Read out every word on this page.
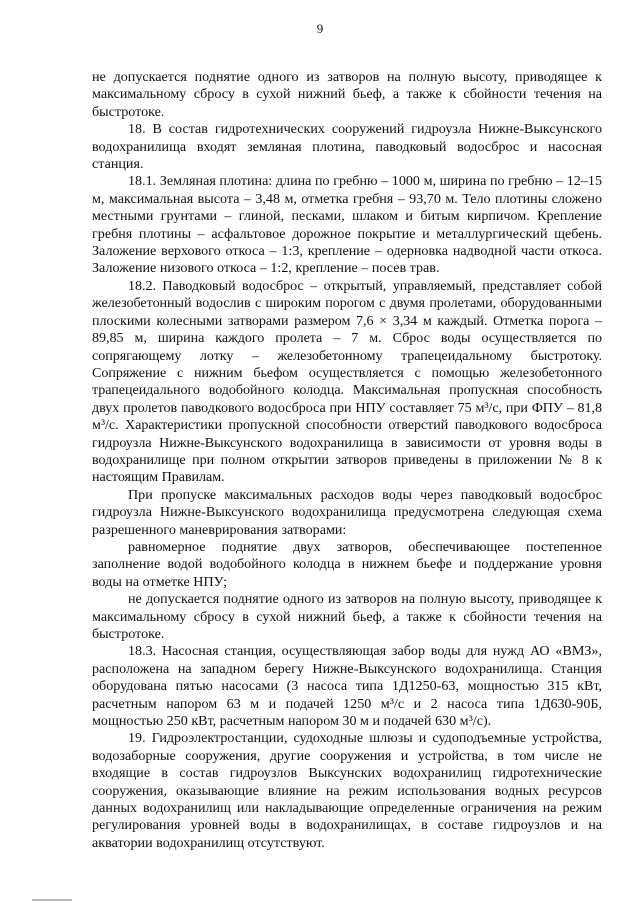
9

не допускается поднятие одного из затворов на полную высоту, приводящее к максимальному сбросу в сухой нижний бьеф, а также к сбойности течения на быстротоке.

18. В состав гидротехнических сооружений гидроузла Нижне-Выксунского водохранилища входят земляная плотина, паводковый водосброс и насосная станция.

18.1. Земляная плотина: длина по гребню – 1000 м, ширина по гребню – 12–15 м, максимальная высота – 3,48 м, отметка гребня – 93,70 м. Тело плотины сложено местными грунтами – глиной, песками, шлаком и битым кирпичом. Крепление гребня плотины – асфальтовое дорожное покрытие и металлургический щебень. Заложение верхового откоса – 1:3, крепление – одерновка надводной части откоса. Заложение низового откоса – 1:2, крепление – посев трав.

18.2. Паводковый водосброс – открытый, управляемый, представляет собой железобетонный водослив с широким порогом с двумя пролетами, оборудованными плоскими колесными затворами размером 7,6 × 3,34 м каждый. Отметка порога – 89,85 м, ширина каждого пролета – 7 м. Сброс воды осуществляется по сопрягающему лотку – железобетонному трапецеидальному быстротоку. Сопряжение с нижним бьефом осуществляется с помощью железобетонного трапецеидального водобойного колодца. Максимальная пропускная способность двух пролетов паводкового водосброса при НПУ составляет 75 м³/с, при ФПУ – 81,8 м³/с. Характеристики пропускной способности отверстий паводкового водосброса гидроузла Нижне-Выксунского водохранилища в зависимости от уровня воды в водохранилище при полном открытии затворов приведены в приложении № 8 к настоящим Правилам.

При пропуске максимальных расходов воды через паводковый водосброс гидроузла Нижне-Выксунского водохранилища предусмотрена следующая схема разрешенного маневрирования затворами:

равномерное поднятие двух затворов, обеспечивающее постепенное заполнение водой водобойного колодца в нижнем бьефе и поддержание уровня воды на отметке НПУ;

не допускается поднятие одного из затворов на полную высоту, приводящее к максимальному сбросу в сухой нижний бьеф, а также к сбойности течения на быстротоке.

18.3. Насосная станция, осуществляющая забор воды для нужд АО «ВМЗ», расположена на западном берегу Нижне-Выксунского водохранилища. Станция оборудована пятью насосами (3 насоса типа 1Д1250-63, мощностью 315 кВт, расчетным напором 63 м и подачей 1250 м³/с и 2 насоса типа 1Д630-90Б, мощностью 250 кВт, расчетным напором 30 м и подачей 630 м³/с).

19. Гидроэлектростанции, судоходные шлюзы и судоподъемные устройства, водозаборные сооружения, другие сооружения и устройства, в том числе не входящие в состав гидроузлов Выксунских водохранилищ гидротехнические сооружения, оказывающие влияние на режим использования водных ресурсов данных водохранилищ или накладывающие определенные ограничения на режим регулирования уровней воды в водохранилищах, в составе гидроузлов и на акватории водохранилищ отсутствуют.
